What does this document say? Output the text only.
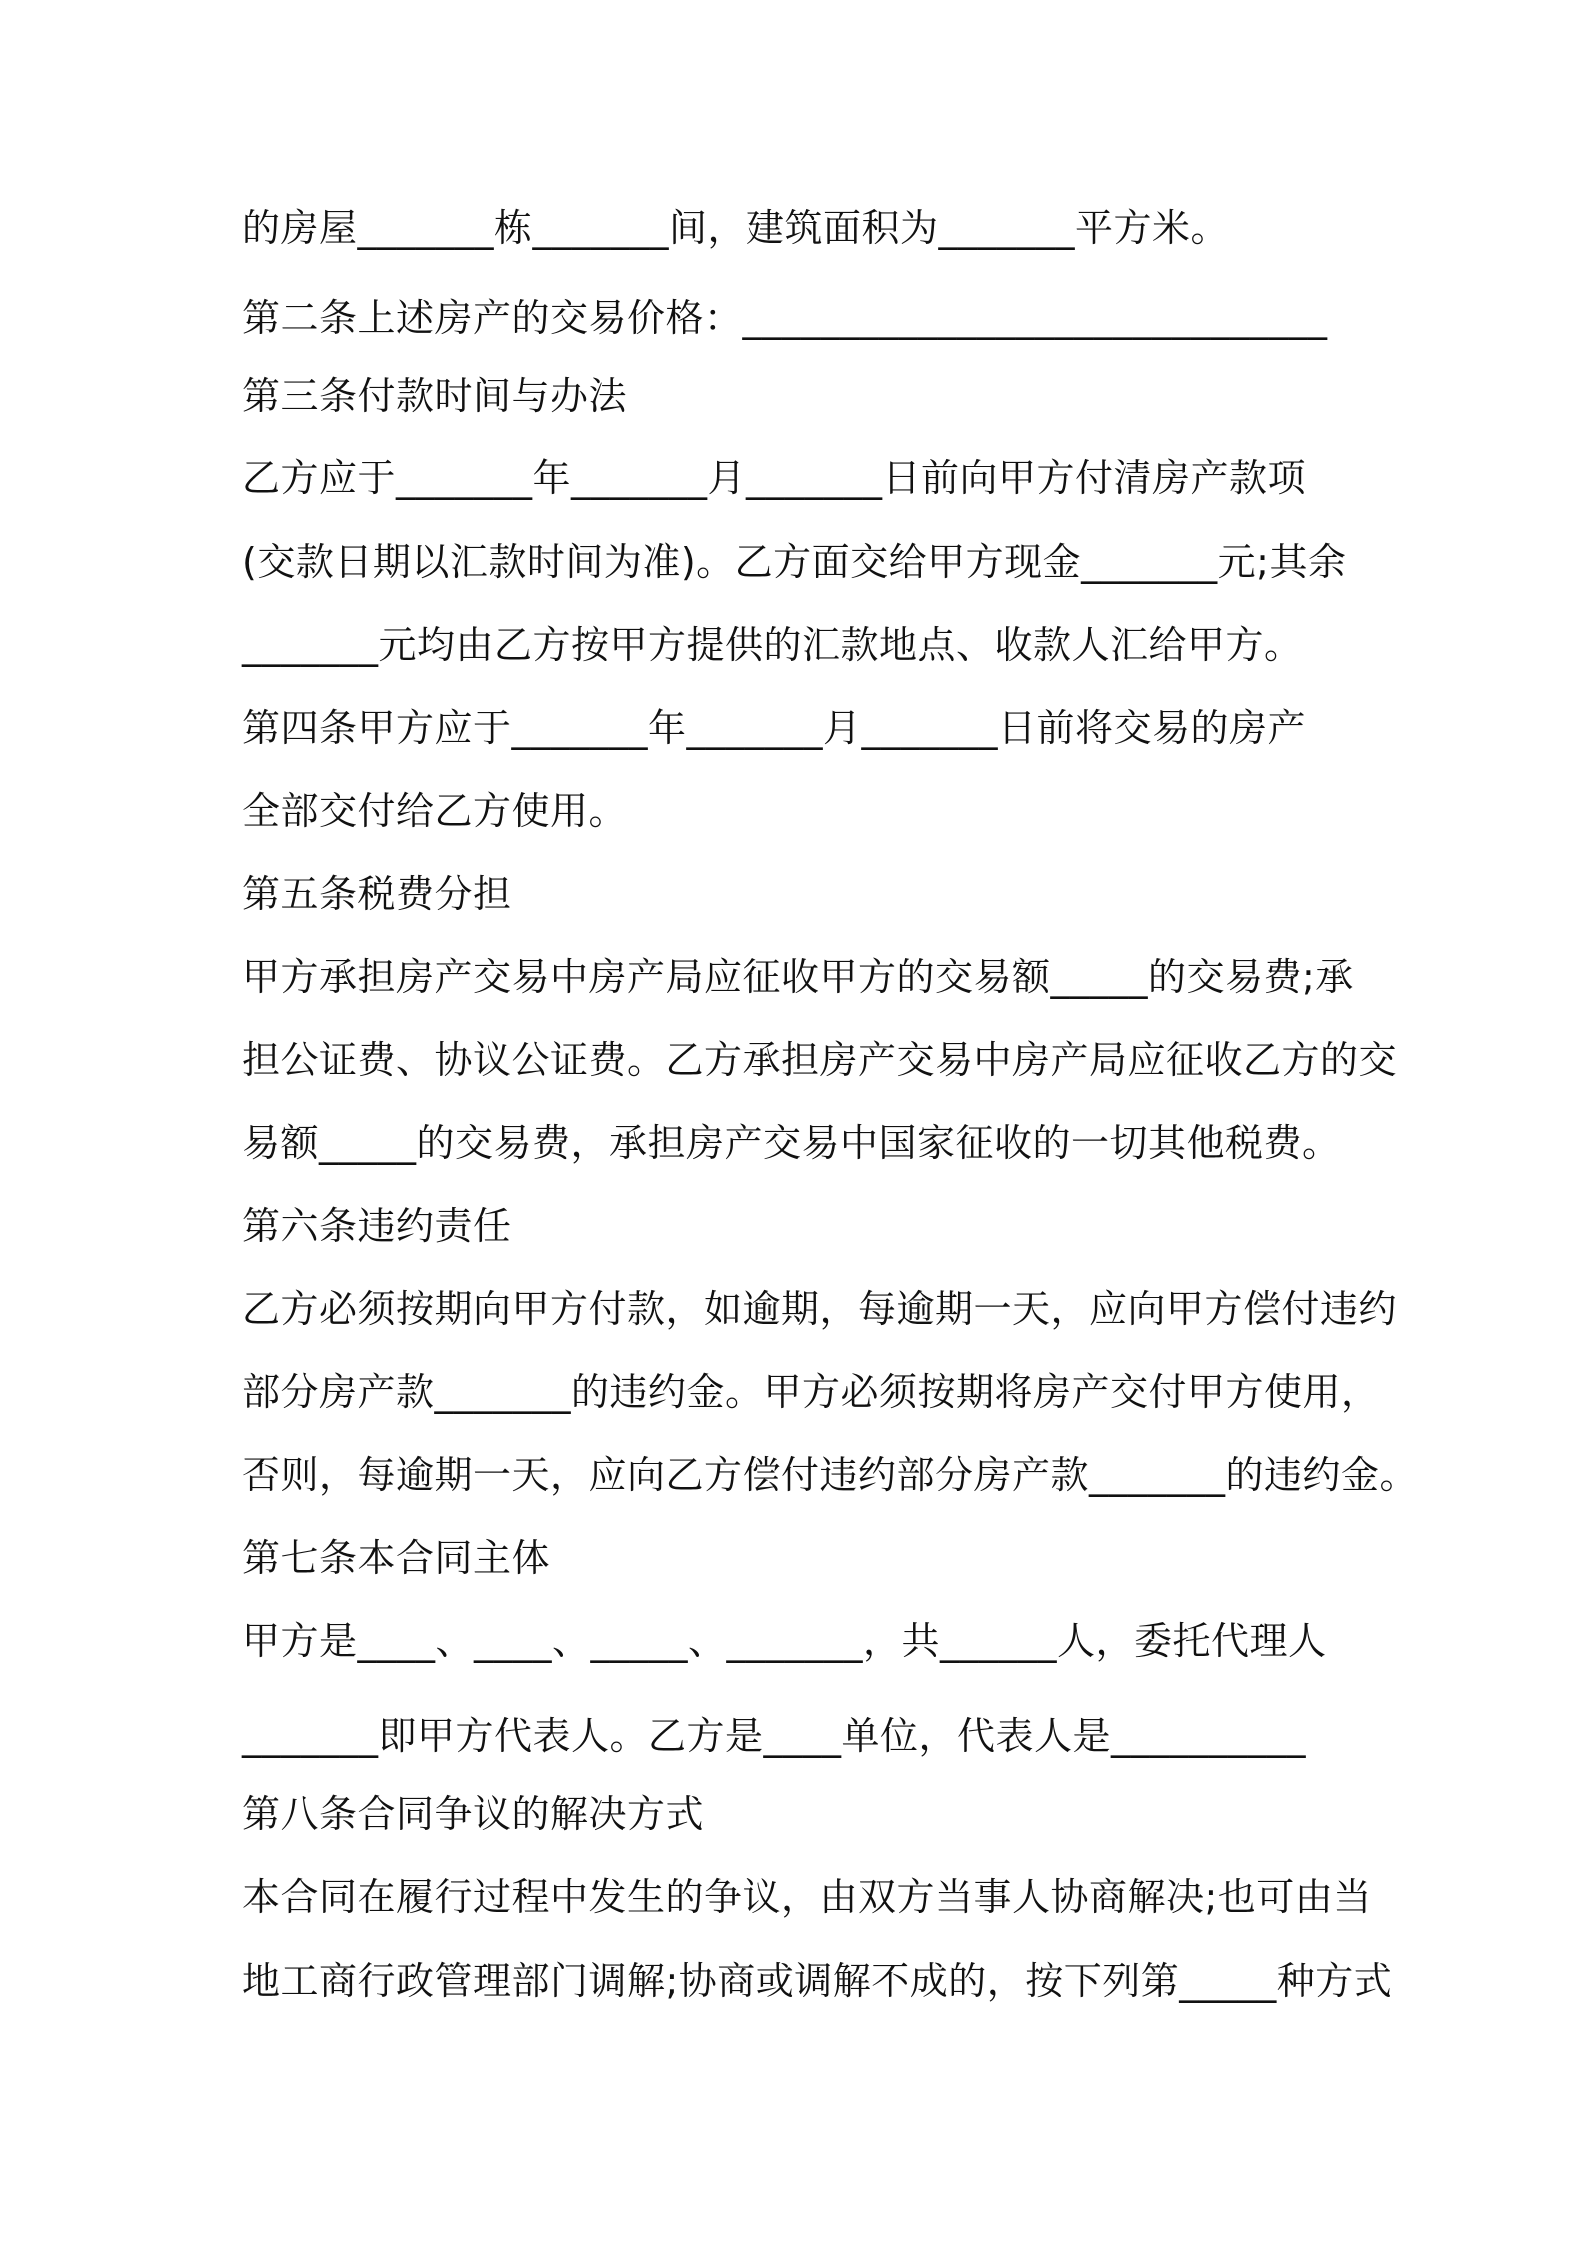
的房屋_______栋_______间，建筑面积为_______平方米。
第二条上述房产的交易价格：______________________________
第三条付款时间与办法
乙方应于_______年_______月_______日前向甲方付清房产款项
(交款日期以汇款时间为准)。乙方面交给甲方现金_______元;其余
_______元均由乙方按甲方提供的汇款地点、收款人汇给甲方。
第四条甲方应于_______年_______月_______日前将交易的房产
全部交付给乙方使用。
第五条税费分担
甲方承担房产交易中房产局应征收甲方的交易额_____的交易费;承
担公证费、协议公证费。乙方承担房产交易中房产局应征收乙方的交
易额_____的交易费，承担房产交易中国家征收的一切其他税费。
第六条违约责任
乙方必须按期向甲方付款，如逾期，每逾期一天，应向甲方偿付违约
部分房产款_______的违约金。甲方必须按期将房产交付甲方使用，
否则，每逾期一天，应向乙方偿付违约部分房产款_______的违约金。
第七条本合同主体
甲方是____、____、_____、_______，共______人，委托代理人
_______即甲方代表人。乙方是____单位，代表人是__________
第八条合同争议的解决方式
本合同在履行过程中发生的争议，由双方当事人协商解决;也可由当
地工商行政管理部门调解;协商或调解不成的，按下列第_____种方式
